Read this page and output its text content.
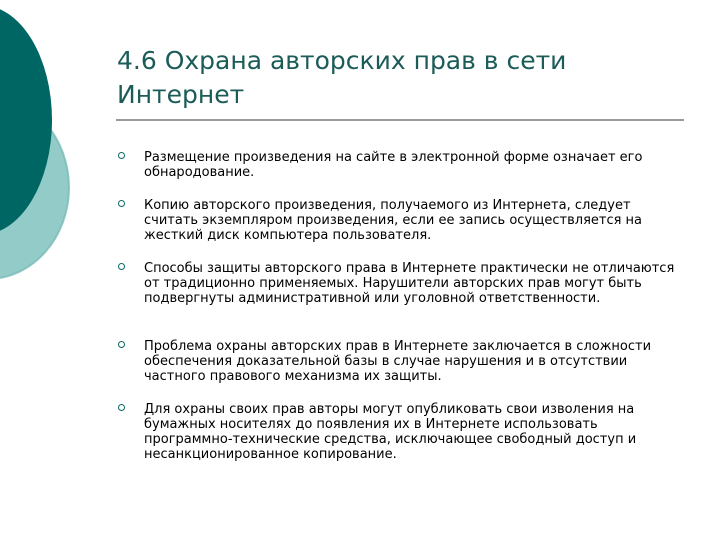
4.6 Охрана авторских прав в сети Интернет
Размещение произведения на сайте в электронной форме означает его обнародование.
Копию авторского произведения, получаемого из Интернета, следует считать экземпляром произведения, если ее запись осуществляется на жесткий диск компьютера пользователя.
Способы защиты авторского права в Интернете практически не отличаются от традиционно применяемых. Нарушители авторских прав могут быть подвергнуты административной или уголовной ответственности.
Проблема охраны авторских прав в Интернете заключается в сложности обеспечения доказательной базы в случае нарушения и в отсутствии частного правового механизма их защиты.
Для охраны своих прав авторы могут опубликовать свои изволения на бумажных носителях до появления их в Интернете использовать программно-технические средства, исключающее свободный доступ и несанкционированное копирование.
